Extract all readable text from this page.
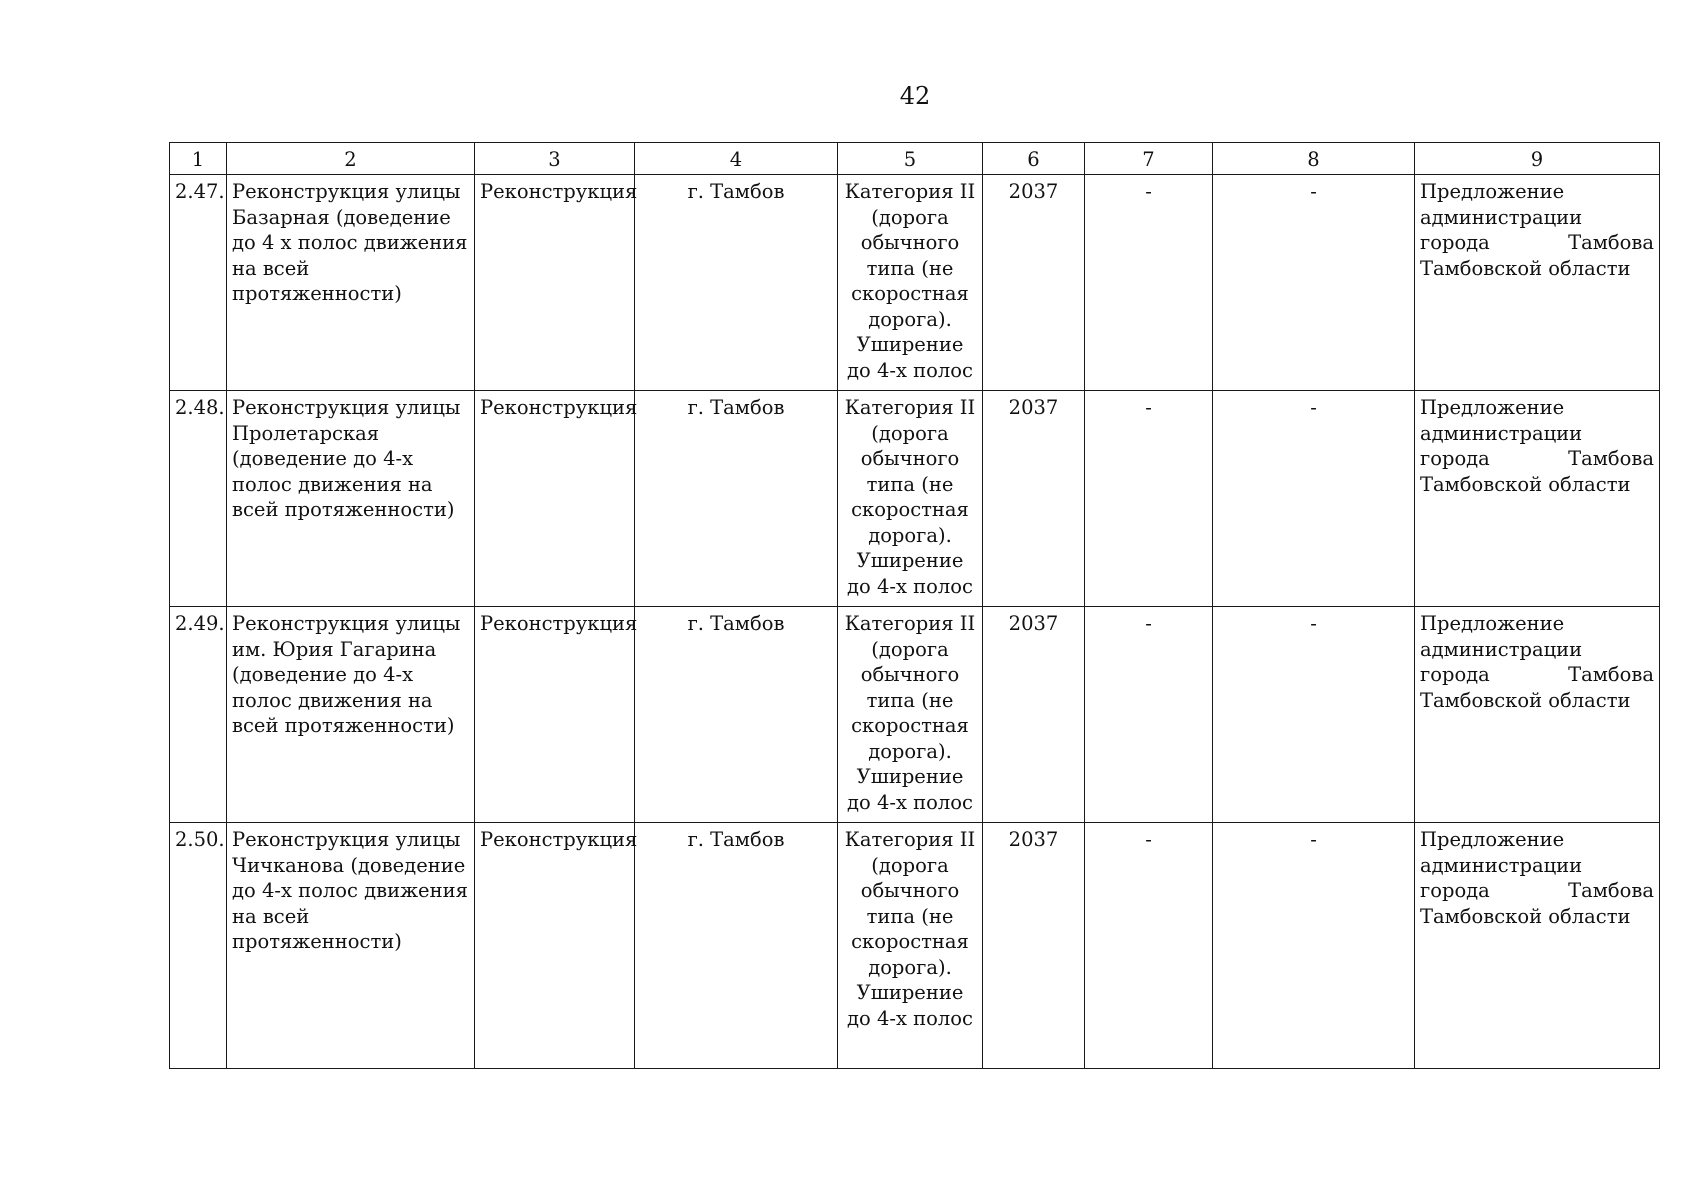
42
1	2	3	4	5	6	7	8	9
2.47.	Реконструкция улицы Базарная (доведение до 4 х полос движения на всей протяженности)	Реконструкция	г. Тамбов	Категория II (дорога обычного типа (не скоростная дорога). Уширение до 4-х полос	2037	-	-	Предложение
администрации
города Тамбова
Тамбовской области

2.48.	Реконструкция улицы Пролетарская (доведение до 4-х полос движения на всей протяженности)	Реконструкция	г. Тамбов	Категория II (дорога обычного типа (не скоростная дорога). Уширение до 4-х полос	2037	-	-	Предложение
администрации
города Тамбова
Тамбовской области

2.49.	Реконструкция улицы им. Юрия Гагарина (доведение до 4-х полос движения на всей протяженности)	Реконструкция	г. Тамбов	Категория II (дорога обычного типа (не скоростная дорога). Уширение до 4-х полос	2037	-	-	Предложение
администрации
города Тамбова
Тамбовской области

2.50.	Реконструкция улицы Чичканова (доведение до 4-х полос движения на всей протяженности)	Реконструкция	г. Тамбов	Категория II (дорога обычного типа (не скоростная дорога). Уширение до 4-х полос	2037	-	-	Предложение
администрации
города Тамбова
Тамбовской области
